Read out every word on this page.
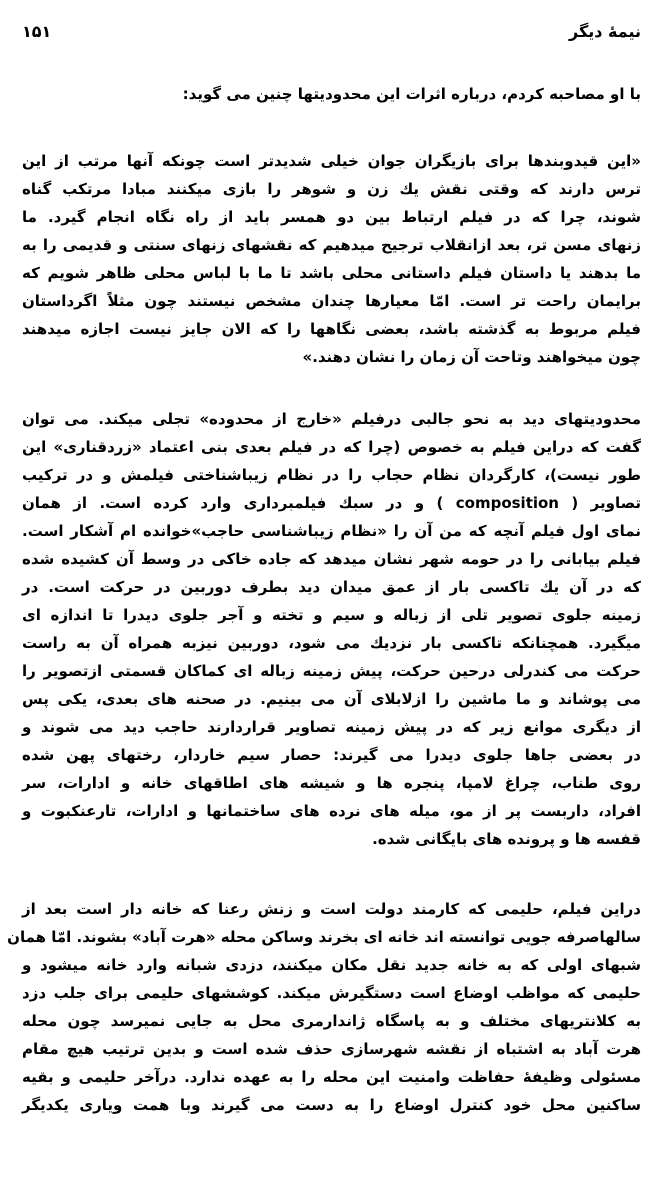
نیمهٔ دیگر
۱۵۱
با او مصاحبه کردم، درباره اثرات این محدودیتها چنین می گوید:
«این قیدوبندها برای بازیگران جوان خیلی شدیدتر است چونکه آنها مرتب از این
ترس دارند که وقتی نقش یك زن و شوهر را بازی میکنند مبادا مرتکب گناه
شوند، چرا که در فیلم ارتباط بین دو همسر باید از راه نگاه انجام گیرد. ما
زنهای مسن تر، بعد ازانقلاب ترجیح میدهیم که نقشهای زنهای سنتی و قدیمی را به
ما بدهند یا داستان فیلم داستانی محلی باشد تا ما با لباس محلی ظاهر شویم که
برایمان راحت تر است. امّا معیارها چندان مشخص نیستند چون مثلاً اگرداستان
فیلم مربوط به گذشته باشد، بعضی نگاهها را که الان جایز نیست اجازه میدهند
چون میخواهند وتاحت آن زمان را نشان دهند.»
محدودیتهای دید به نحو جالبی درفیلم «خارج از محدوده» تجلی میکند. می توان
گفت که دراین فیلم به خصوص (چرا که در فیلم بعدی بنی اعتماد «زردقناری» این
طور نیست)، کارگردان نظام حجاب را در نظام زیباشناختی فیلمش و در ترکیب
تصاویر ( composition ) و در سبك فیلمبرداری وارد کرده است. از همان
نمای اول فیلم آنچه که من آن را «نظام زیباشناسی حاجب»خوانده ام آشکار است.
فیلم بیابانی را در حومه شهر نشان میدهد که جاده خاکی در وسط آن کشیده شده
که در آن یك تاکسی بار از عمق میدان دید بطرف دوربین در حرکت است. در
زمینه جلوی تصویر تلی از زباله و سیم و تخته و آجر جلوی دیدرا تا اندازه ای
میگیرد. همچنانکه تاکسی بار نزدیك می شود، دوربین نیزبه همراه آن به راست
حرکت می کندرلی درحین حرکت، پیش زمینه زباله ای کماکان قسمتی ازتصویر را
می پوشاند و ما ماشین را ازلابلای آن می بینیم. در صحنه های بعدی، یکی پس
از دیگری موانع زیر که در پیش زمینه تصاویر قراردارند حاجب دید می شوند و
در بعضی جاها جلوی دیدرا می گیرند: حصار سیم خاردار، رختهای پهن شده
روی طناب، چراغ لامپا، پنجره ها و شیشه های اطاقهای خانه و ادارات، سر
افراد، داربست پر از مو، میله های نرده های ساختمانها و ادارات، تارعنکبوت و
قفسه ها و پرونده های بایگانی شده.
دراین فیلم، حلیمی که کارمند دولت است و زنش رعنا که خانه دار است بعد از
سالهاصرفه جویی توانسته اند خانه ای بخرند وساکن محله «هرت آباد» بشوند. امّا همان
شبهای اولی که به خانه جدید نقل مکان میکنند، دزدی شبانه وارد خانه میشود و
حلیمی که مواظب اوضاع است دستگیرش میکند. کوششهای حلیمی برای جلب دزد
به کلانتریهای مختلف و به پاسگاه ژاندارمری محل به جایی نمیرسد چون محله
هرت آباد به اشتباه از نقشه شهرسازی حذف شده است و بدین ترتیب هیچ مقام
مسئولی وظیفهٔ حفاظت وامنیت این محله را به عهده ندارد. درآخر حلیمی و بقیه
ساکنین محل خود کنترل اوضاع را به دست می گیرند وبا همت ویاری یکدیگر
